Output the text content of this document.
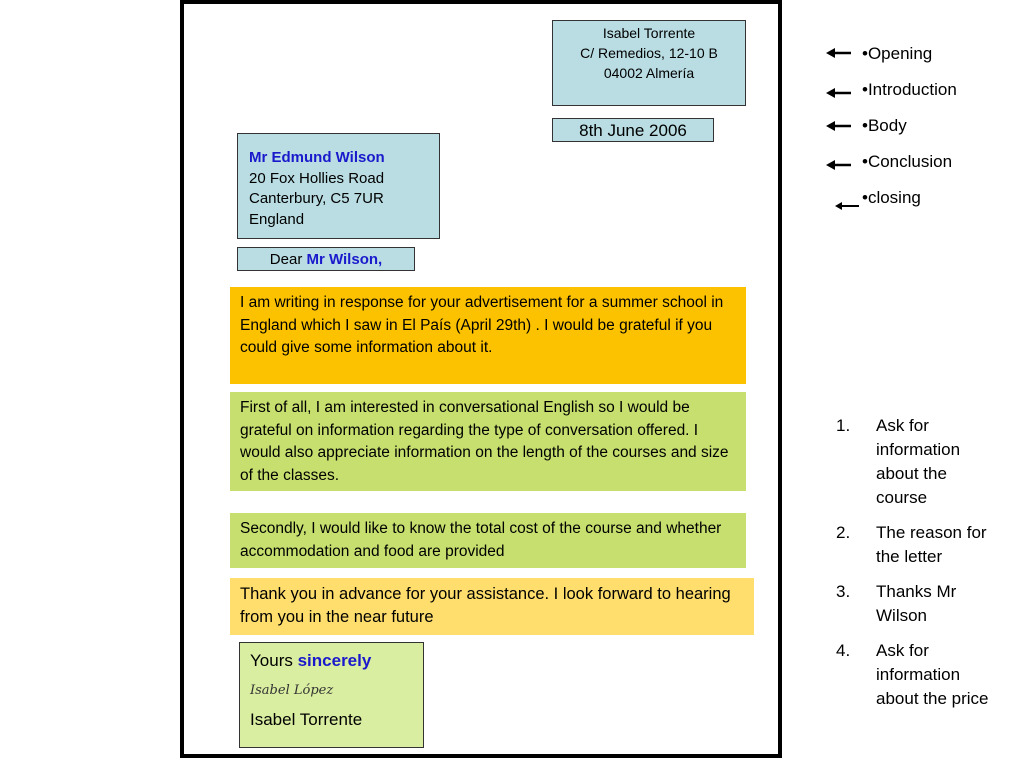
Isabel Torrente
C/ Remedios, 12-10 B
04002 Almería
8th June 2006
Mr Edmund Wilson
20 Fox Hollies Road
Canterbury, C5 7UR
England
Dear Mr Wilson,
I am writing in response for your advertisement for a summer school in England which I saw in El País (April 29th) . I would be grateful if you could give some information about it.
First of all, I am interested in conversational English so I would be grateful on information regarding the type of conversation offered. I would also appreciate information on the length of the courses and size of the classes.
Secondly, I would like to know the total cost of the course and whether accommodation and food are provided
Thank you in advance for your assistance. I look forward to hearing from you in the near future
Yours sincerely
Isabel López
Isabel Torrente
•Opening
•Introduction
•Body
•Conclusion
•closing
1. Ask for information about the course
2. The reason for the letter
3. Thanks Mr Wilson
4. Ask for information about the price
